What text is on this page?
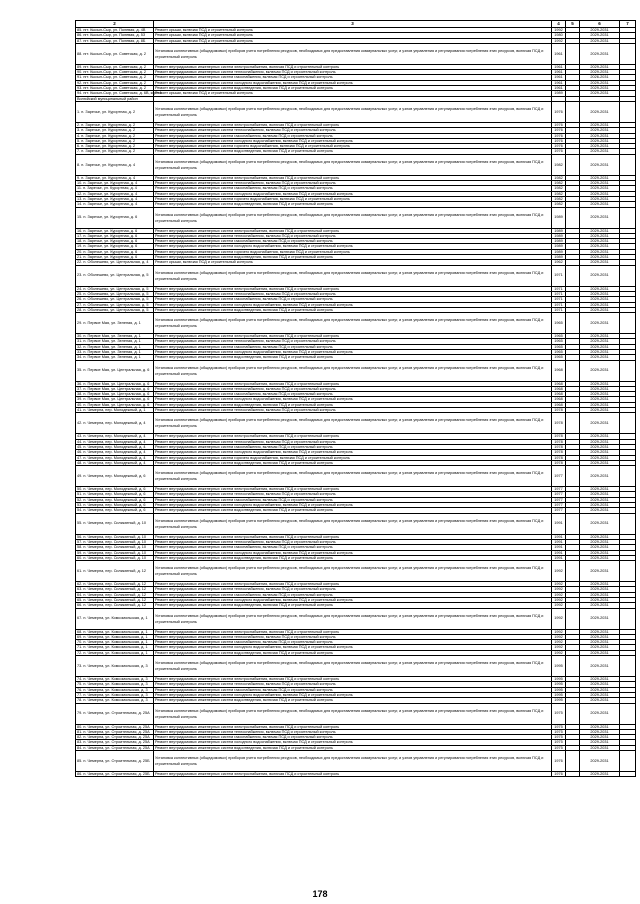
2	3	4	5	6	7
85. пгт. Кысыл-Сыр, ул. Полевая, д. 4В	Ремонт крыши, включая ПСД и строительный контроль	1992		2029-2031	
86. пгт. Кысыл-Сыр, ул. Полевая, д. 5З	Ремонт крыши, включая ПСД и строительный контроль	1980		2029-2031	
87. пгт. Кысыл-Сыр, ул. Полевая, д. 8Б	Ремонт крыши, включая ПСД и строительный контроль	1992		2029-2031	
88. пгт. Кысыл-Сыр, ул. Советская, д. 2	Установка коллективных (общедомовых) приборов учета потребления ресурсов, необходимых для предоставления коммунальных услуг, и узлов управления и регулирования потребления этих ресурсов, включая ПСД и строительный контроль	1961		2029-2031	
89. пгт. Кысыл-Сыр, ул. Советская, д. 2	Ремонт внутридомовых инженерных систем электроснабжения, включая ПСД и строительный контроль	1961		2029-2031	
90. пгт. Кысыл-Сыр, ул. Советская, д. 2	Ремонт внутридомовых инженерных систем теплоснабжения, включая ПСД и строительный контроль	1961		2029-2031	
91. пгт. Кысыл-Сыр, ул. Советская, д. 2	Ремонт внутридомовых инженерных систем газоснабжения, включая ПСД и строительный контроль	1961		2026-2031	
92. пгт. Кысыл-Сыр, ул. Советская, д. 2	Ремонт внутридомовых инженерных систем холодного водоснабжения, включая ПСД и строительный контроль	1961		2029-2031	
93. пгт. Кысыл-Сыр, ул. Советская, д. 2	Ремонт внутридомовых инженерных систем водоотведения, включая ПСД и строительный контроль	1961		2029-2031	
94. пгт. Кысыл-Сыр, ул. Советская, д. 6В, корп.1	Ремонт крыши, включая ПСД и строительный контроль	1989		2029-2031	
Вилюйский муниципальный район					
1. п. Заречье, ул. Курортная, д. 2	Установка коллективных (общедомовых) приборов учета потребления ресурсов, необходимых для предоставления коммунальных услуг, и узлов управления и регулирования потребления этих ресурсов, включая ПСД и строительный контроль	1976		2029-2031	
2. п. Заречье, ул. Курортная, д. 2	Ремонт внутридомовых инженерных систем электроснабжения, включая ПСД и строительный контроль	1976		2029-2031	
3. п. Заречье, ул. Курортная, д. 2	Ремонт внутридомовых инженерных систем теплоснабжения, включая ПСД и строительный контроль	1976		2029-2031	
4. п. Заречье, ул. Курортная, д. 2	Ремонт внутридомовых инженерных систем газоснабжения, включая ПСД и строительный контроль	1976		2029-2031	
5. п. Заречье, ул. Курортная, д. 2	Ремонт внутридомовых инженерных систем холодного водоснабжения, включая ПСД и строительный контроль	1976		2029-2031	
6. п. Заречье, ул. Курортная, д. 2	Ремонт внутридомовых инженерных систем горячего водоснабжения, включая ПСД и строительный контроль	1976		2029-2031	
7. п. Заречье, ул. Курортная, д. 2	Ремонт внутридомовых инженерных систем водоотведения, включая ПСД и строительный контроль	1976		2029-2031	
8. п. Заречье, ул. Курортная, д. 4	Установка коллективных (общедомовых) приборов учета потребления ресурсов, необходимых для предоставления коммунальных услуг, и узлов управления и регулирования потребления этих ресурсов, включая ПСД и строительный контроль	1982		2029-2031	
9. п. Заречье, ул. Курортная, д. 4	Ремонт внутридомовых инженерных систем электроснабжения, включая ПСД и строительный контроль	1982		2029-2031	
10. п. Заречье, ул. Курортная, д. 4	Ремонт внутридомовых инженерных систем теплоснабжения, включая ПСД и строительный контроль	1982		2029-2031	
11. п. Заречье, ул. Курортная, д. 4	Ремонт внутридомовых инженерных систем газоснабжения, включая ПСД и строительный контроль	1982		2029-2031	
12. п. Заречье, ул. Курортная, д. 4	Ремонт внутридомовых инженерных систем холодного водоснабжения, включая ПСД и строительный контроль	1982		2029-2031	
13. п. Заречье, ул. Курортная, д. 4	Ремонт внутридомовых инженерных систем горячего водоснабжения, включая ПСД и строительный контроль	1982		2029-2031	
14. п. Заречье, ул. Курортная, д. 4	Ремонт внутридомовых инженерных систем водоотведения, включая ПСД и строительный контроль	1982		2029-2031	
15. п. Заречье, ул. Курортная, д. 6	Установка коллективных (общедомовых) приборов учета потребления ресурсов, необходимых для предоставления коммунальных услуг, и узлов управления и регулирования потребления этих ресурсов, включая ПСД и строительный контроль	1989		2029-2031	
16. п. Заречье, ул. Курортная, д. 6	Ремонт внутридомовых инженерных систем электроснабжения, включая ПСД и строительный контроль	1989		2029-2031	
17. п. Заречье, ул. Курортная, д. 6	Ремонт внутридомовых инженерных систем теплоснабжения, включая ПСД и строительный контроль	1989		2029-2031	
18. п. Заречье, ул. Курортная, д. 6	Ремонт внутридомовых инженерных систем газоснабжения, включая ПСД и строительный контроль	1989		2029-2031	
19. п. Заречье, ул. Курортная, д. 6	Ремонт внутридомовых инженерных систем холодного водоснабжения, включая ПСД и строительный контроль	1989		2029-2031	
20. п. Заречье, ул. Курортная, д. 6	Ремонт внутридомовых инженерных систем горячего водоснабжения, включая ПСД и строительный контроль	1989		2029-2031	
21. п. Заречье, ул. Курортная, д. 6	Ремонт внутридомовых инженерных систем водоотведения, включая ПСД и строительный контроль	1989		2029-2031	
22. п. Оболешево, ул. Центральная, д. 4	Ремонт крыши, включая ПСД и строительный контроль	1962		2029-2031	
23. п. Оболешево, ул. Центральная, д. 5	Установка коллективных (общедомовых) приборов учета потребления ресурсов, необходимых для предоставления коммунальных услуг, и узлов управления и регулирования потребления этих ресурсов, включая ПСД и строительный контроль	1971		2029-2031	
24. п. Оболешево, ул. Центральная, д. 5	Ремонт внутридомовых инженерных систем электроснабжения, включая ПСД и строительный контроль	1971		2029-2031	
25. п. Оболешево, ул. Центральная, д. 5	Ремонт внутридомовых инженерных систем теплоснабжения, включая ПСД и строительный контроль	1971		2029-2031	
26. п. Оболешево, ул. Центральная, д. 5	Ремонт внутридомовых инженерных систем газоснабжения, включая ПСД и строительный контроль	1971		2029-2031	
27. п. Оболешево, ул. Центральная, д. 5	Ремонт внутридомовых инженерных систем холодного водоснабжения, включая ПСД и строительный контроль	1971		2029-2031	
28. п. Оболешево, ул. Центральная, д. 5	Ремонт внутридомовых инженерных систем водоотведения, включая ПСД и строительный контроль	1971		2029-2031	
29. п. Первое Мая, ул. Зеленая, д. 1	Установка коллективных (общедомовых) приборов учета потребления ресурсов, необходимых для предоставления коммунальных услуг, и узлов управления и регулирования потребления этих ресурсов, включая ПСД и строительный контроль	1965		2029-2031	
30. п. Первое Мая, ул. Зеленая, д. 1	Ремонт внутридомовых инженерных систем электроснабжения, включая ПСД и строительный контроль	1965		2029-2031	
31. п. Первое Мая, ул. Зеленая, д. 1	Ремонт внутридомовых инженерных систем теплоснабжения, включая ПСД и строительный контроль	1965		2029-2031	
32. п. Первое Мая, ул. Зеленая, д. 1	Ремонт внутридомовых инженерных систем газоснабжения, включая ПСД и строительный контроль	1965		2029-2031	
33. п. Первое Мая, ул. Зеленая, д. 1	Ремонт внутридомовых инженерных систем холодного водоснабжения, включая ПСД и строительный контроль	1965		2029-2031	
34. п. Первое Мая, ул. Зеленая, д. 1	Ремонт внутридомовых инженерных систем водоотведения, включая ПСД и строительный контроль	1965		2029-2031	
35. п. Первое Мая, ул. Центральная, д. 6	Установка коллективных (общедомовых) приборов учета потребления ресурсов, необходимых для предоставления коммунальных услуг, и узлов управления и регулирования потребления этих ресурсов, включая ПСД и строительный контроль	1968		2029-2031	
36. п. Первое Мая, ул. Центральная, д. 6	Ремонт внутридомовых инженерных систем электроснабжения, включая ПСД и строительный контроль	1968		2029-2031	
37. п. Первое Мая, ул. Центральная, д. 6	Ремонт внутридомовых инженерных систем теплоснабжения, включая ПСД и строительный контроль	1968		2029-2031	
38. п. Первое Мая, ул. Центральная, д. 6	Ремонт внутридомовых инженерных систем газоснабжения, включая ПСД и строительный контроль	1968		2029-2031	
39. п. Первое Мая, ул. Центральная, д. 6	Ремонт внутридомовых инженерных систем холодного водоснабжения, включая ПСД и строительный контроль	1968		2029-2031	
40. п. Первое Мая, ул. Центральная, д. 6	Ремонт внутридомовых инженерных систем водоотведения, включая ПСД и строительный контроль	1968		2029-2031	
41. п. Чемерна, пер. Молодежный, д. 1	Ремонт внутридомовых инженерных систем теплоснабжения, включая ПСД и строительный контроль	1978		2029-2031	
42. п. Чемерна, пер. Молодежный, д. 4	Установка коллективных (общедомовых) приборов учета потребления ресурсов, необходимых для предоставления коммунальных услуг, и узлов управления и регулирования потребления этих ресурсов, включая ПСД и строительный контроль	1978		2029-2031	
43. п. Чемерна, пер. Молодежный, д. 4	Ремонт внутридомовых инженерных систем электроснабжения, включая ПСД и строительный контроль	1978		2029-2031	
44. п. Чемерна, пер. Молодежный, д. 4	Ремонт внутридомовых инженерных систем теплоснабжения, включая ПСД и строительный контроль	1978		2029-2031	
45. п. Чемерна, пер. Молодежный, д. 4	Ремонт внутридомовых инженерных систем газоснабжения, включая ПСД и строительный контроль	1978		2029-2031	
46. п. Чемерна, пер. Молодежный, д. 4	Ремонт внутридомовых инженерных систем холодного водоснабжения, включая ПСД и строительный контроль	1978		2029-2031	
47. п. Чемерна, пер. Молодежный, д. 4	Ремонт внутридомовых инженерных систем горячего водоснабжения, включая ПСД и строительный контроль	1978		2029-2031	
48. п. Чемерна, пер. Молодежный, д. 4	Ремонт внутридомовых инженерных систем водоотведения, включая ПСД и строительный контроль	1978		2029-2031	
49. п. Чемерна, пер. Молодежный, д. 6	Установка коллективных (общедомовых) приборов учета потребления ресурсов, необходимых для предоставления коммунальных услуг, и узлов управления и регулирования потребления этих ресурсов, включая ПСД и строительный контроль	1977		2029-2031	
50. п. Чемерна, пер. Молодежный, д. 6	Ремонт внутридомовых инженерных систем электроснабжения, включая ПСД и строительный контроль	1977		2029-2031	
51. п. Чемерна, пер. Молодежный, д. 6	Ремонт внутридомовых инженерных систем теплоснабжения, включая ПСД и строительный контроль	1977		2029-2031	
52. п. Чемерна, пер. Молодежный, д. 6	Ремонт внутридомовых инженерных систем газоснабжения, включая ПСД и строительный контроль	1977		2029-2031	
53. п. Чемерна, пер. Молодежный, д. 6	Ремонт внутридомовых инженерных систем холодного водоснабжения, включая ПСД и строительный контроль	1977		2029-2031	
54. п. Чемерна, пер. Молодежный, д. 6	Ремонт внутридомовых инженерных систем водоотведения, включая ПСД и строительный контроль	1977		2029-2031	
55. п. Чемерна, пер. Силикатный, д. 10	Установка коллективных (общедомовых) приборов учета потребления ресурсов, необходимых для предоставления коммунальных услуг, и узлов управления и регулирования потребления этих ресурсов, включая ПСД и строительный контроль	1991		2029-2031	
56. п. Чемерна, пер. Силикатный, д. 10	Ремонт внутридомовых инженерных систем электроснабжения, включая ПСД и строительный контроль	1991		2029-2031	
57. п. Чемерна, пер. Силикатный, д. 10	Ремонт внутридомовых инженерных систем теплоснабжения, включая ПСД и строительный контроль	1991		2029-2031	
58. п. Чемерна, пер. Силикатный, д. 10	Ремонт внутридомовых инженерных систем газоснабжения, включая ПСД и строительный контроль	1991		2029-2031	
59. п. Чемерна, пер. Силикатный, д. 10	Ремонт внутридомовых инженерных систем холодного водоснабжения, включая ПСД и строительный контроль	1991		2029-2031	
60. п. Чемерна, пер. Силикатный, д. 10	Ремонт внутридомовых инженерных систем водоотведения, включая ПСД и строительный контроль	1991		2029-2031	
61. п. Чемерна, пер. Силикатный, д. 12	Установка коллективных (общедомовых) приборов учета потребления ресурсов, необходимых для предоставления коммунальных услуг, и узлов управления и регулирования потребления этих ресурсов, включая ПСД и строительный контроль	1992		2029-2031	
62. п. Чемерна, пер. Силикатный, д. 12	Ремонт внутридомовых инженерных систем электроснабжения, включая ПСД и строительный контроль	1992		2029-2031	
63. п. Чемерна, пер. Силикатный, д. 12	Ремонт внутридомовых инженерных систем теплоснабжения, включая ПСД и строительный контроль	1992		2029-2031	
64. п. Чемерна, пер. Силикатный, д. 12	Ремонт внутридомовых инженерных систем газоснабжения, включая ПСД и строительный контроль	1992		2029-2031	
65. п. Чемерна, пер. Силикатный, д. 12	Ремонт внутридомовых инженерных систем холодного водоснабжения, включая ПСД и строительный контроль	1992		2029-2031	
66. п. Чемерна, пер. Силикатный, д. 12	Ремонт внутридомовых инженерных систем водоотведения, включая ПСД и строительный контроль	1992		2029-2031	
67. п. Чемерна, ул. Комсомольская, д. 1	Установка коллективных (общедомовых) приборов учета потребления ресурсов, необходимых для предоставления коммунальных услуг, и узлов управления и регулирования потребления этих ресурсов, включая ПСД и строительный контроль	1992		2029-2031	
68. п. Чемерна, ул. Комсомольская, д. 1	Ремонт внутридомовых инженерных систем электроснабжения, включая ПСД и строительный контроль	1992		2029-2031	
69. п. Чемерна, ул. Комсомольская, д. 1	Ремонт внутридомовых инженерных систем теплоснабжения, включая ПСД и строительный контроль	1992		2029-2031	
70. п. Чемерна, ул. Комсомольская, д. 1	Ремонт внутридомовых инженерных систем газоснабжения, включая ПСД и строительный контроль	1992		2029-2031	
71. п. Чемерна, ул. Комсомольская, д. 1	Ремонт внутридомовых инженерных систем холодного водоснабжения, включая ПСД и строительный контроль	1992		2029-2031	
72. п. Чемерна, ул. Комсомольская, д. 1	Ремонт внутридомовых инженерных систем водоотведения, включая ПСД и строительный контроль	1992		2029-2031	
73. п. Чемерна, ул. Комсомольская, д. 3	Установка коллективных (общедомовых) приборов учета потребления ресурсов, необходимых для предоставления коммунальных услуг, и узлов управления и регулирования потребления этих ресурсов, включая ПСД и строительный контроль	1995		2029-2031	
74. п. Чемерна, ул. Комсомольская, д. 3	Ремонт внутридомовых инженерных систем электроснабжения, включая ПСД и строительный контроль	1995		2029-2031	
75. п. Чемерна, ул. Комсомольская, д. 3	Ремонт внутридомовых инженерных систем теплоснабжения, включая ПСД и строительный контроль	1995		2029-2031	
76. п. Чемерна, ул. Комсомольская, д. 3	Ремонт внутридомовых инженерных систем газоснабжения, включая ПСД и строительный контроль	1995		2029-2031	
77. п. Чемерна, ул. Комсомольская, д. 3	Ремонт внутридомовых инженерных систем холодного водоснабжения, включая ПСД и строительный контроль	1995		2029-2031	
78. п. Чемерна, ул. Комсомольская, д. 3	Ремонт внутридомовых инженерных систем водоотведения, включая ПСД и строительный контроль	1995		2029-2031	
79. п. Чемерна, ул. Строительная, д. 25А	Установка коллективных (общедомовых) приборов учета потребления ресурсов, необходимых для предоставления коммунальных услуг, и узлов управления и регулирования потребления этих ресурсов, включая ПСД и строительный контроль	1975		2029-2031	
80. п. Чемерна, ул. Строительная, д. 25А	Ремонт внутридомовых инженерных систем электроснабжения, включая ПСД и строительный контроль	1975		2029-2031	
81. п. Чемерна, ул. Строительная, д. 25А	Ремонт внутридомовых инженерных систем теплоснабжения, включая ПСД и строительный контроль	1975		2029-2031	
82. п. Чемерна, ул. Строительная, д. 25А	Ремонт внутридомовых инженерных систем газоснабжения, включая ПСД и строительный контроль	1975		2029-2031	
83. п. Чемерна, ул. Строительная, д. 25А	Ремонт внутридомовых инженерных систем холодного водоснабжения, включая ПСД и строительный контроль	1975		2029-2031	
84. п. Чемерна, ул. Строительная, д. 25А	Ремонт внутридомовых инженерных систем водоотведения, включая ПСД и строительный контроль	1975		2029-2031	
85. п. Чемерна, ул. Строительная, д. 25Б	Установка коллективных (общедомовых) приборов учета потребления ресурсов, необходимых для предоставления коммунальных услуг, и узлов управления и регулирования потребления этих ресурсов, включая ПСД и строительный контроль	1976		2029-2031	
86. п. Чемерна, ул. Строительная, д. 25Б	Ремонт внутридомовых инженерных систем электроснабжения, включая ПСД и строительный контроль	1976		2029-2031	
178
